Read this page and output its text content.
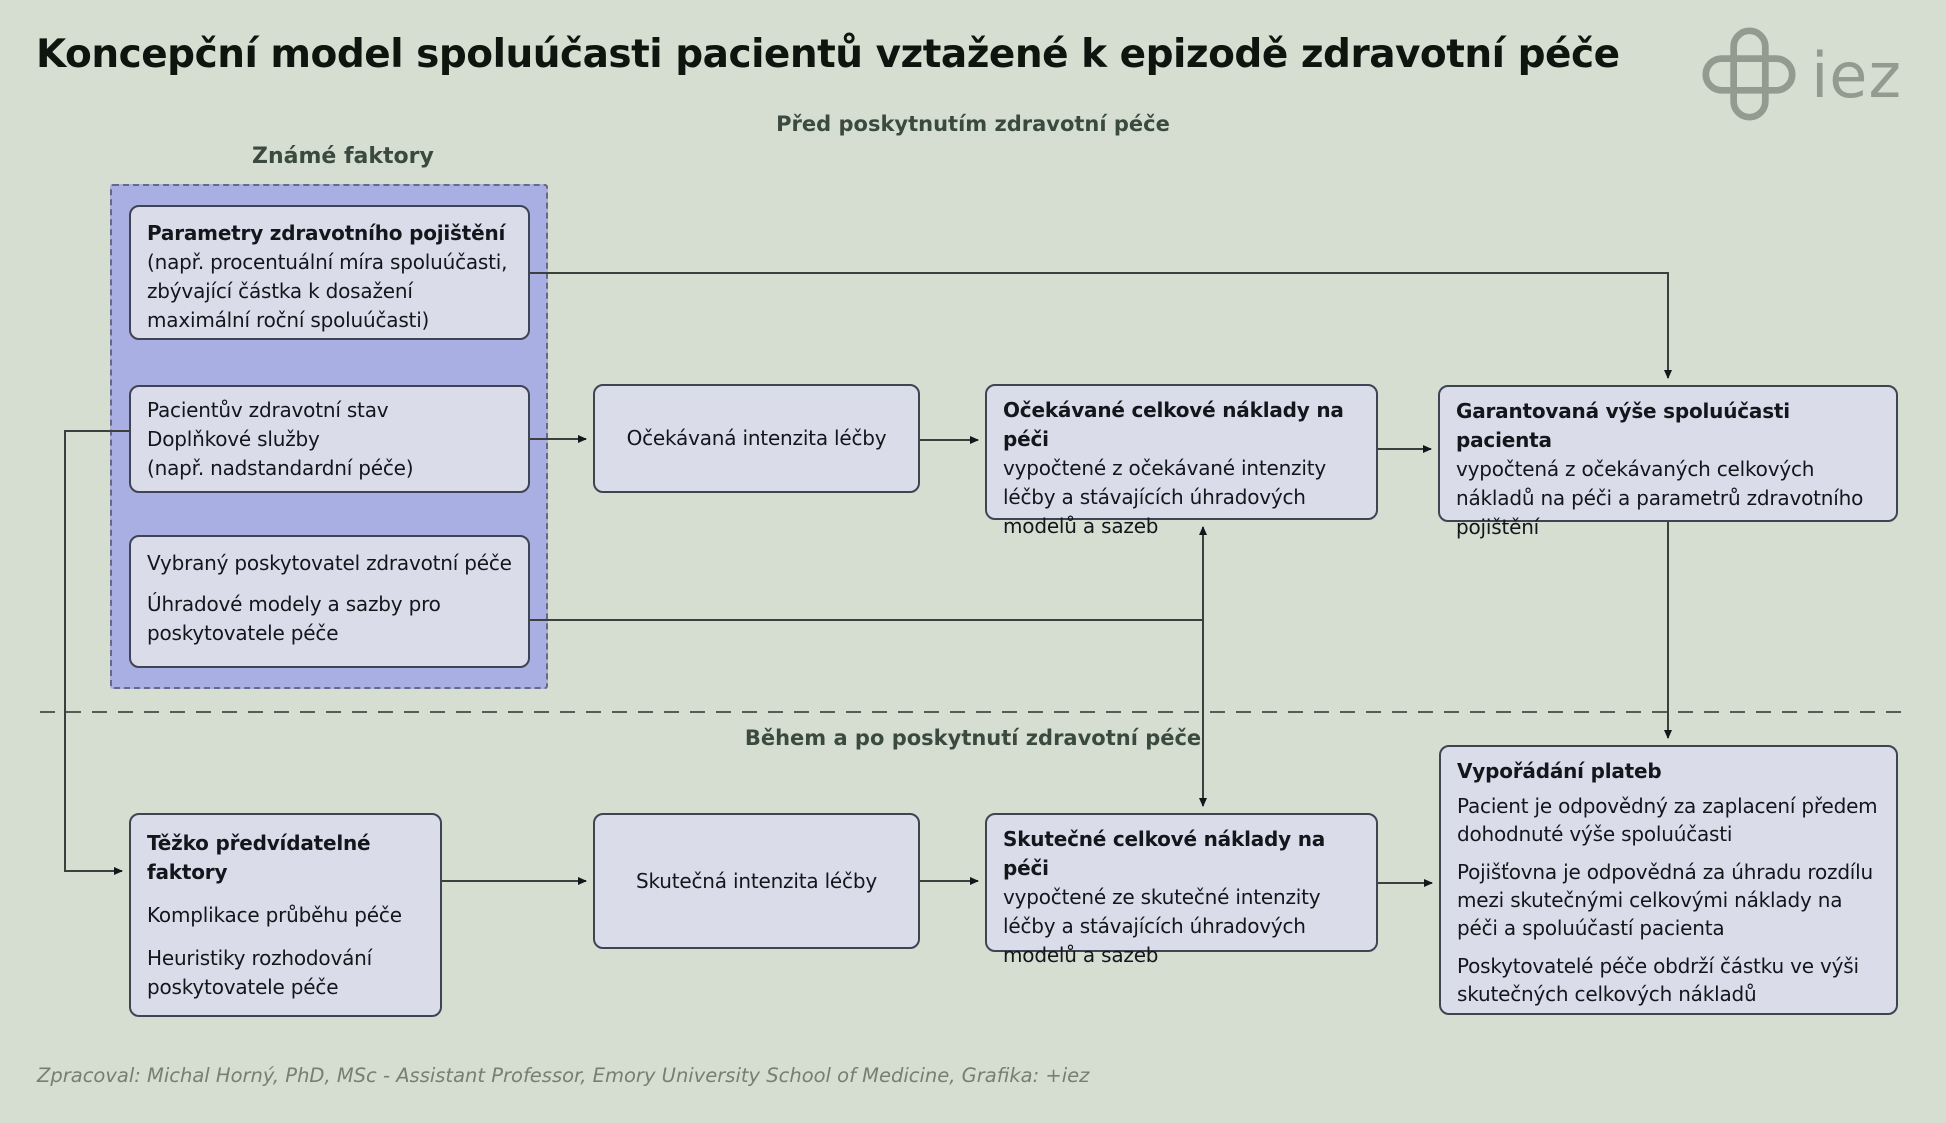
Koncepční model spoluúčasti pacientů vztažené k epizodě zdravotní péče	iez
Před poskytnutím zdravotní péče
Během a po poskytnutí zdravotní péče
Známé faktory
Parametry zdravotního pojištění
(např. procentuální míra spoluúčasti, zbývající částka k dosažení maximální roční spoluúčasti)
Pacientův zdravotní stav
Doplňkové služby
(např. nadstandardní péče)

Vybraný poskytovatel zdravotní péče

Úhradové modely a sazby pro poskytovatele péče

Očekávaná intenzita léčby
Očekávané celkové náklady na péči
vypočtené z očekávané intenzity léčby a stávajících úhradových modelů a sazeb
Garantovaná výše spoluúčasti pacienta
vypočtená z očekávaných celkových nákladů na péči a parametrů zdravotního pojištění

Těžko předvídatelné faktory

Komplikace průběhu péče

Heuristiky rozhodování poskytovatele péče

Skutečná intenzita léčby
Skutečné celkové náklady na péči
vypočtené ze skutečné intenzity léčby a stávajících úhradových modelů a sazeb

Vypořádání plateb

Pacient je odpovědný za zaplacení předem dohodnuté výše spoluúčasti

Pojišťovna je odpovědná za úhradu rozdílu mezi skutečnými celkovými náklady na péči a spoluúčastí pacienta

Poskytovatelé péče obdrží částku ve výši skutečných celkových nákladů

Zpracoval: Michal Horný, PhD, MSc - Assistant Professor, Emory University School of Medicine, Grafika: +iez
